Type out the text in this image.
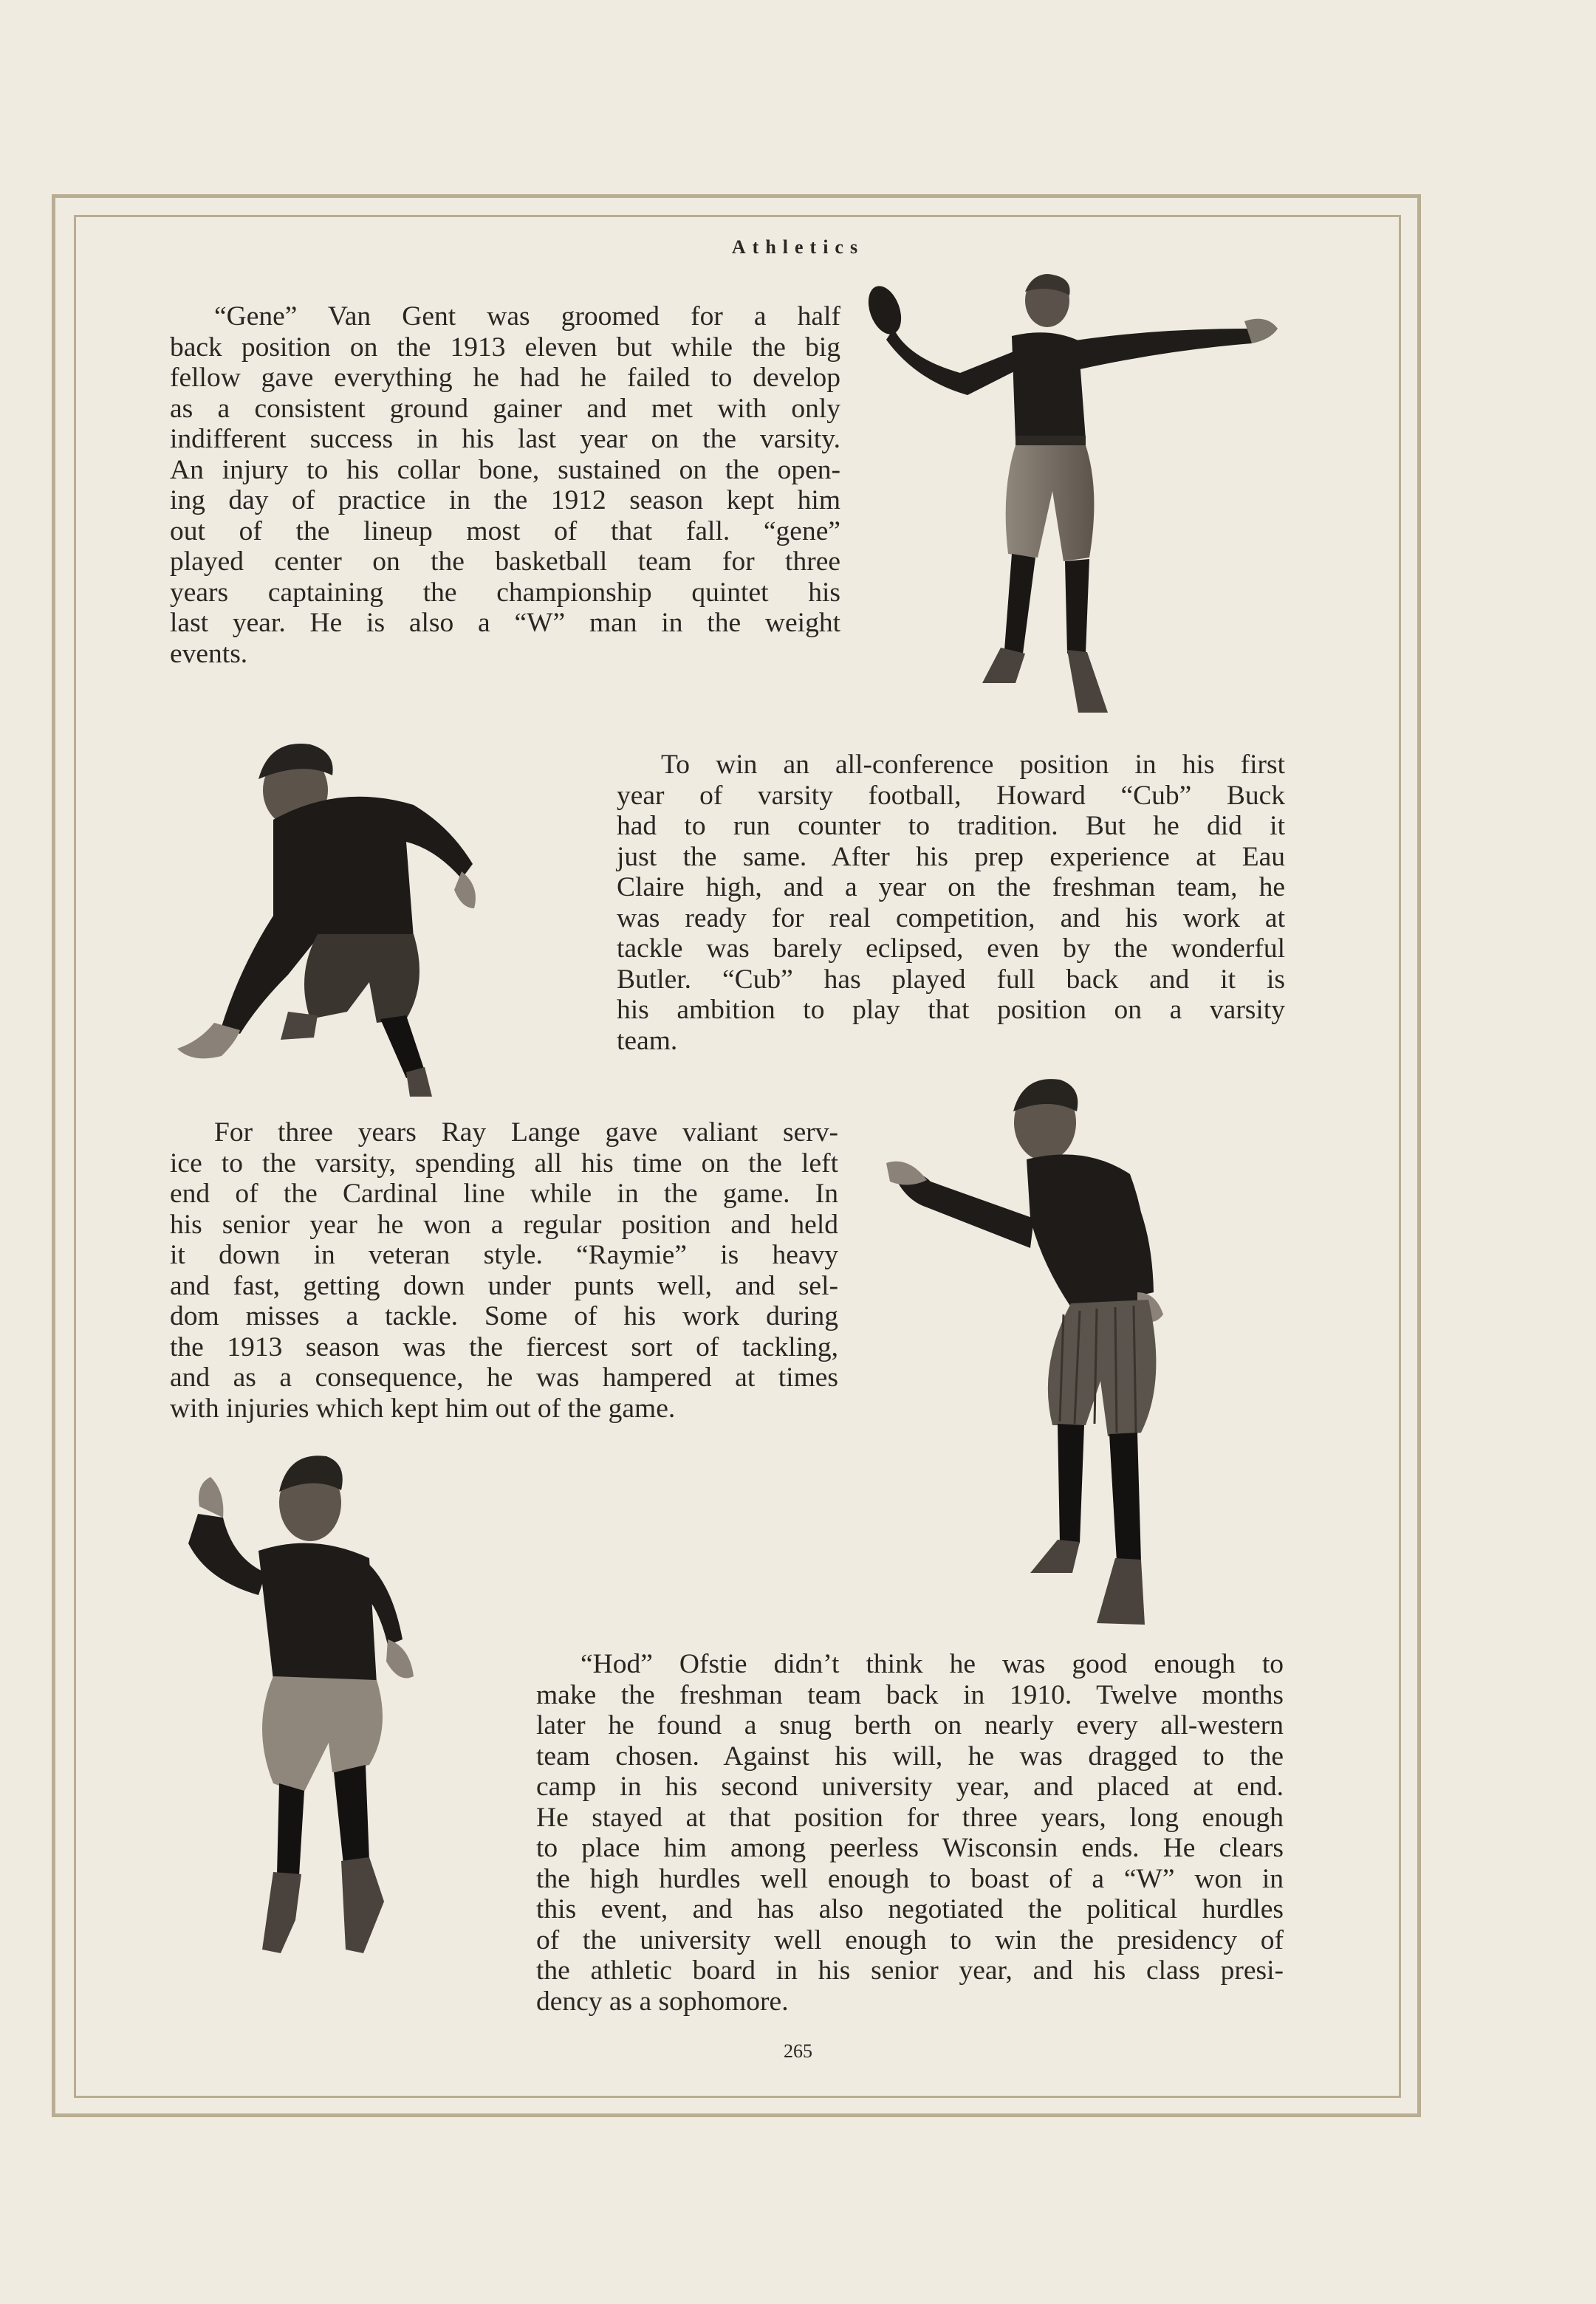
Athletics
“Gene” Van Gent was groomed for a half
back position on the 1913 eleven but while the big
fellow gave everything he had he failed to develop
as a consistent ground gainer and met with only
indifferent success in his last year on the varsity.
An injury to his collar bone, sustained on the open-
ing day of practice in the 1912 season kept him
out of the lineup most of that fall. “gene”
played center on the basketball team for three
years captaining the championship quintet his
last year. He is also a “W” man in the weight
events.
To win an all-conference position in his first
year of varsity football, Howard “Cub” Buck
had to run counter to tradition. But he did it
just the same. After his prep experience at Eau
Claire high, and a year on the freshman team, he
was ready for real competition, and his work at
tackle was barely eclipsed, even by the wonderful
Butler. “Cub” has played full back and it is
his ambition to play that position on a varsity
team.
For three years Ray Lange gave valiant serv-
ice to the varsity, spending all his time on the left
end of the Cardinal line while in the game. In
his senior year he won a regular position and held
it down in veteran style. “Raymie” is heavy
and fast, getting down under punts well, and sel-
dom misses a tackle. Some of his work during
the 1913 season was the fiercest sort of tackling,
and as a consequence, he was hampered at times
with injuries which kept him out of the game.
“Hod” Ofstie didn’t think he was good enough to
make the freshman team back in 1910. Twelve months
later he found a snug berth on nearly every all-western
team chosen. Against his will, he was dragged to the
camp in his second university year, and placed at end.
He stayed at that position for three years, long enough
to place him among peerless Wisconsin ends. He clears
the high hurdles well enough to boast of a “W” won in
this event, and has also negotiated the political hurdles
of the university well enough to win the presidency of
the athletic board in his senior year, and his class presi-
dency as a sophomore.
265
